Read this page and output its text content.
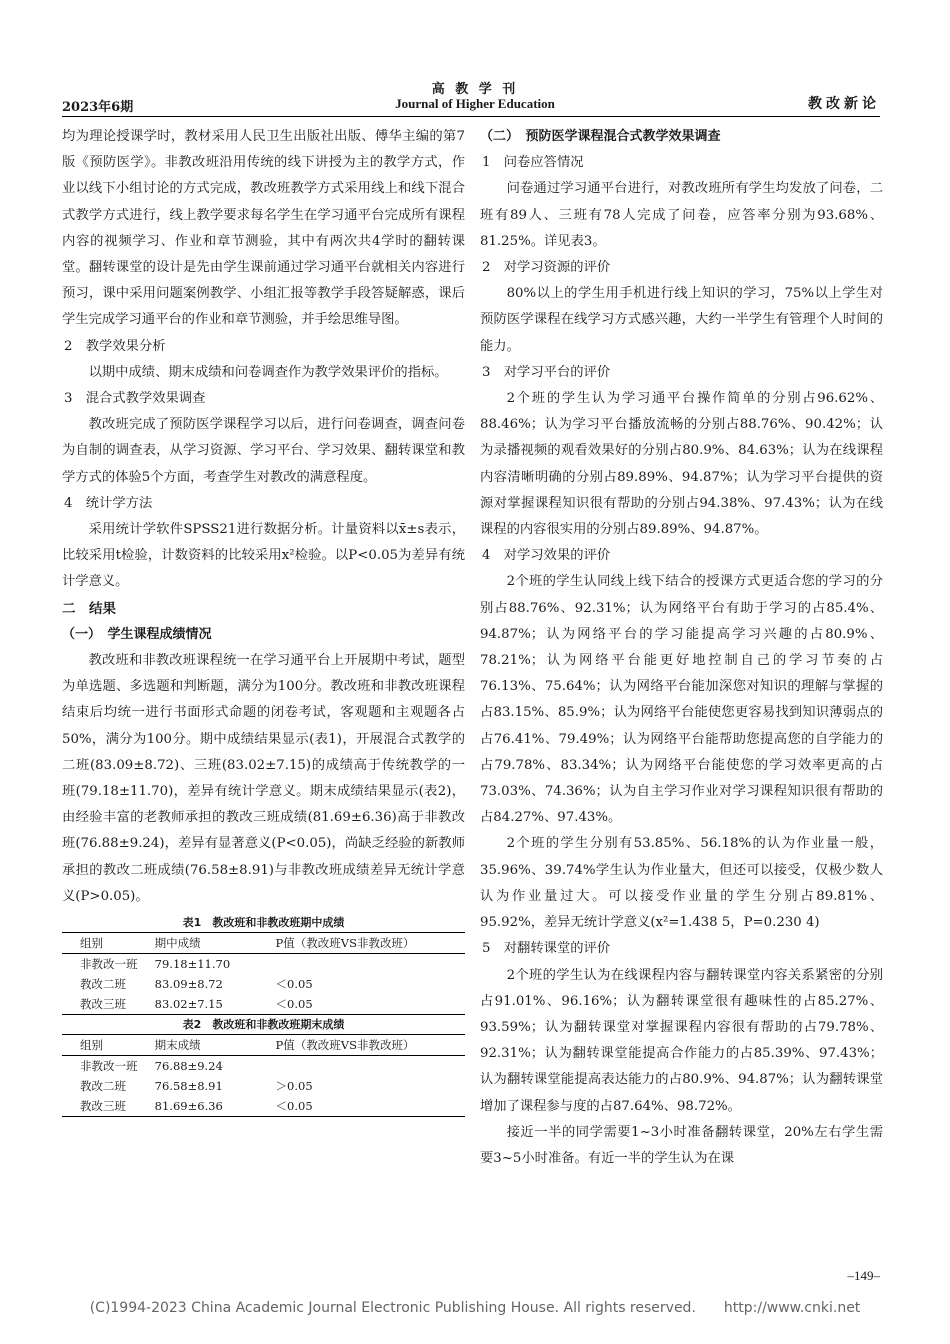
高 教 学 刊
2023年6期	Journal of Higher Education	教改新论

均为理论授课学时，教材采用人民卫生出版社出版、傅华主编的第7版《预防医学》。非教改班沿用传统的线下讲授为主的教学方式，作业以线下小组讨论的方式完成，教改班教学方式采用线上和线下混合式教学方式进行，线上教学要求每名学生在学习通平台完成所有课程内容的视频学习、作业和章节测验，其中有两次共4学时的翻转课堂。翻转课堂的设计是先由学生课前通过学习通平台就相关内容进行预习，课中采用问题案例教学、小组汇报等教学手段答疑解惑，课后学生完成学习通平台的作业和章节测验，并手绘思维导图。

2　教学效果分析

以期中成绩、期末成绩和问卷调查作为教学效果评价的指标。

3　混合式教学效果调查

教改班完成了预防医学课程学习以后，进行问卷调查，调查问卷为自制的调查表，从学习资源、学习平台、学习效果、翻转课堂和教学方式的体验5个方面，考查学生对教改的满意程度。

4　统计学方法

采用统计学软件SPSS21进行数据分析。计量资料以x̄±s表示，比较采用t检验，计数资料的比较采用x²检验。以P<0.05为差异有统计学意义。

二　结果

（一）　学生课程成绩情况

教改班和非教改班课程统一在学习通平台上开展期中考试，题型为单选题、多选题和判断题，满分为100分。教改班和非教改班课程结束后均统一进行书面形式命题的闭卷考试，客观题和主观题各占50%，满分为100分。期中成绩结果显示(表1)，开展混合式教学的二班(83.09±8.72)、三班(83.02±7.15)的成绩高于传统教学的一班(79.18±11.70)，差异有统计学意义。期末成绩结果显示(表2)，由经验丰富的老教师承担的教改三班成绩(81.69±6.36)高于非教改班(76.88±9.24)，差异有显著意义(P<0.05)，尚缺乏经验的新教师承担的教改二班成绩(76.58±8.91)与非教改班成绩差异无统计学意义(P>0.05)。

表1　教改班和非教改班期中成绩
组别	期中成绩	P值（教改班VS非教改班）
非教改一班	79.18±11.70	
教改二班	83.09±8.72	＜0.05
教改三班	83.02±7.15	＜0.05
表2　教改班和非教改班期末成绩
组别	期末成绩	P值（教改班VS非教改班）
非教改一班	76.88±9.24	
教改二班	76.58±8.91	＞0.05
教改三班	81.69±6.36	＜0.05

（二）　预防医学课程混合式教学效果调查

1　问卷应答情况

问卷通过学习通平台进行，对教改班所有学生均发放了问卷，二班有89人、三班有78人完成了问卷，应答率分别为93.68%、81.25%。详见表3。

2　对学习资源的评价

80%以上的学生用手机进行线上知识的学习，75%以上学生对预防医学课程在线学习方式感兴趣，大约一半学生有管理个人时间的能力。

3　对学习平台的评价

2个班的学生认为学习通平台操作简单的分别占96.62%、88.46%；认为学习平台播放流畅的分别占88.76%、90.42%；认为录播视频的观看效果好的分别占80.9%、84.63%；认为在线课程内容清晰明确的分别占89.89%、94.87%；认为学习平台提供的资源对掌握课程知识很有帮助的分别占94.38%、97.43%；认为在线课程的内容很实用的分别占89.89%、94.87%。

4　对学习效果的评价

2个班的学生认同线上线下结合的授课方式更适合您的学习的分别占88.76%、92.31%；认为网络平台有助于学习的占85.4%、94.87%；认为网络平台的学习能提高学习兴趣的占80.9%、78.21%；认为网络平台能更好地控制自己的学习节奏的占76.13%、75.64%；认为网络平台能加深您对知识的理解与掌握的占83.15%、85.9%；认为网络平台能使您更容易找到知识薄弱点的占76.41%、79.49%；认为网络平台能帮助您提高您的自学能力的占79.78%、83.34%；认为网络平台能使您的学习效率更高的占73.03%、74.36%；认为自主学习作业对学习课程知识很有帮助的占84.27%、97.43%。

2个班的学生分别有53.85%、56.18%的认为作业量一般，35.96%、39.74%学生认为作业量大，但还可以接受，仅极少数人认为作业量过大。可以接受作业量的学生分别占89.81%、95.92%，差异无统计学意义(x²=1.438 5，P=0.230 4)

5　对翻转课堂的评价

2个班的学生认为在线课程内容与翻转课堂内容关系紧密的分别占91.01%、96.16%；认为翻转课堂很有趣味性的占85.27%、93.59%；认为翻转课堂对掌握课程内容很有帮助的占79.78%、92.31%；认为翻转课堂能提高合作能力的占85.39%、97.43%；认为翻转课堂能提高表达能力的占80.9%、94.87%；认为翻转课堂增加了课程参与度的占87.64%、98.72%。

接近一半的同学需要1~3小时准备翻转课堂，20%左右学生需要3~5小时准备。有近一半的学生认为在课

–149–
(C)1994-2023 China Academic Journal Electronic Publishing House. All rights reserved.　　http://www.cnki.net
